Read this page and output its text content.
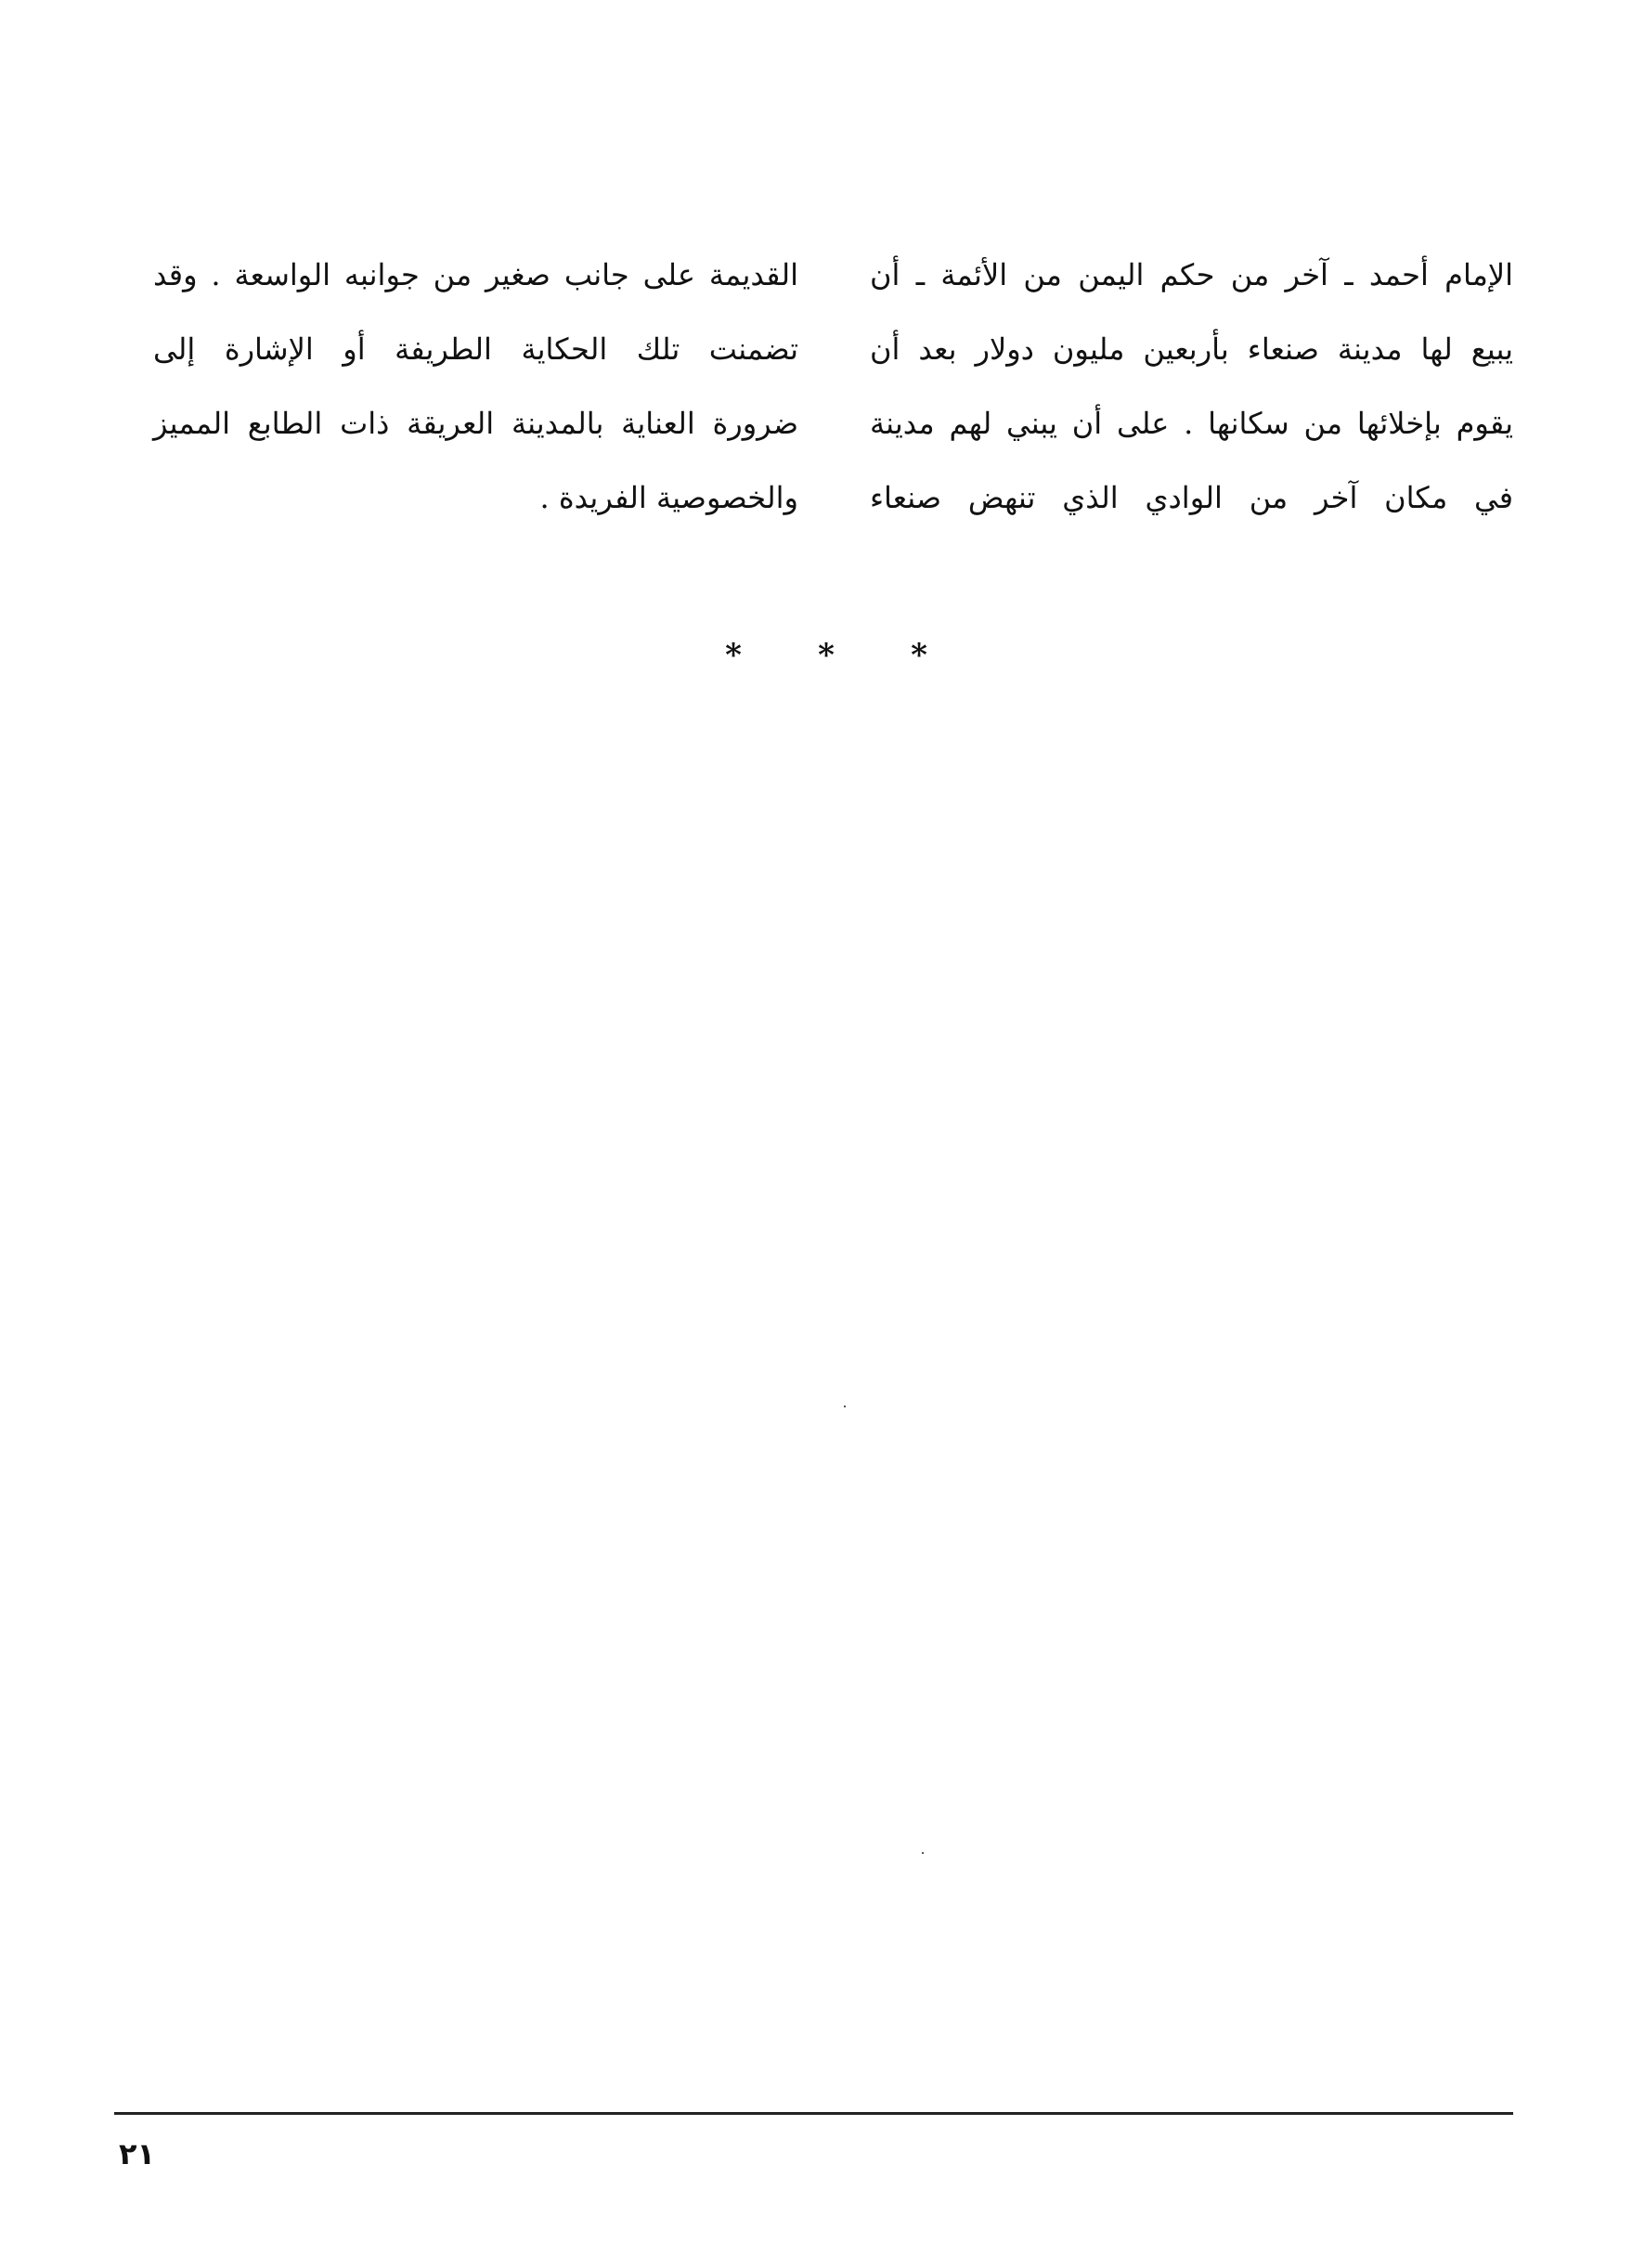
الإمام أحمد ـ آخر من حكم اليمن من الأئمة ـ أن
يبيع لها مدينة صنعاء بأربعين مليون دولار بعد أن
يقوم بإخلائها من سكانها . على أن يبني لهم مدينة
في مكان آخر من الوادي الذي تنهض صنعاء
القديمة على جانب صغير من جوانبه الواسعة . وقد
تضمنت تلك الحكاية الطريفة أو الإشارة إلى
ضرورة العناية بالمدينة العريقة ذات الطابع المميز
والخصوصية الفريدة .
*	*	*
٢١
